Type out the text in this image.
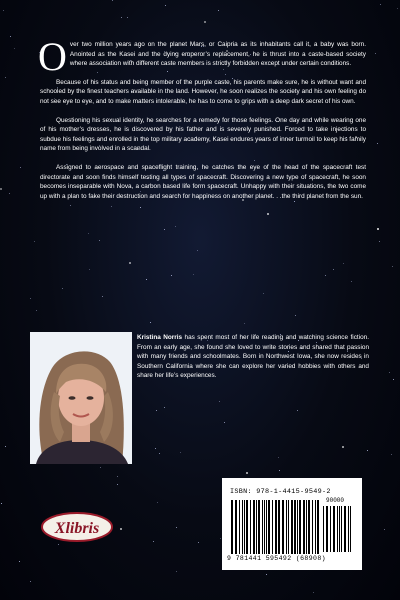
Over two million years ago on the planet Mars, or Caipria as its inhabitants call it, a baby was born. Anointed as the Kasei and the dying emperor’s replacement, he is thrust into a caste-based society where association with different caste members is strictly forbidden except under certain conditions.

Because of his status and being member of the purple caste, his parents make sure, he is without want and schooled by the finest teachers available in the land. However, he soon realizes the society and his own feeling do not see eye to eye, and to make matters intolerable, he has to come to grips with a deep dark secret of his own.

Questioning his sexual identity, he searches for a remedy for those feelings. One day and while wearing one of his mother’s dresses, he is discovered by his father and is severely punished. Forced to take injections to subdue his feelings and enrolled in the top military academy, Kasei endures years of inner turmoil to keep his family name from being involved in a scandal.

Assigned to aerospace and spaceflight training, he catches the eye of the head of the spacecraft test directorate and soon finds himself testing all types of spacecraft. Discovering a new type of spacecraft, he soon becomes inseparable with Nova, a carbon based life form spacecraft. Unhappy with their situations, the two come up with a plan to fake their destruction and search for happiness on another planet. . .the third planet from the sun.

Kristina Norris has spent most of her life reading and watching science fiction. From an early age, she found she loved to write stories and shared that passion with many friends and schoolmates. Born in Northwest Iowa, she now resides in Southern California where she can explore her varied hobbies with others and share her life’s experiences.
ISBN: 978-1-4415-9549-2
90000
9 781441 595492 (68908)
Xlibris
